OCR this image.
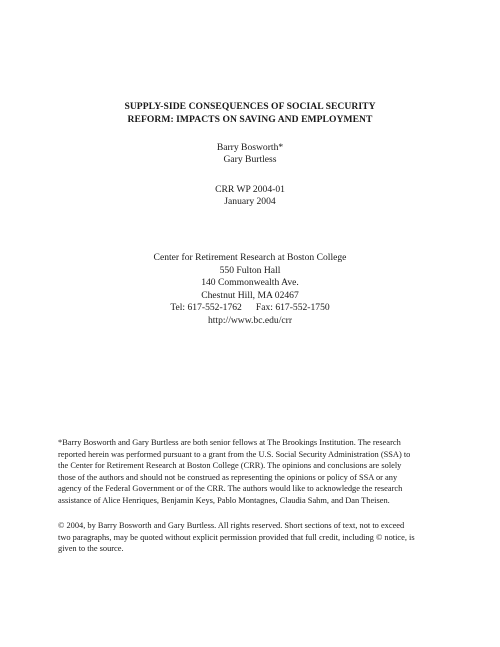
SUPPLY-SIDE CONSEQUENCES OF SOCIAL SECURITY
REFORM: IMPACTS ON SAVING AND EMPLOYMENT
Barry Bosworth*
Gary Burtless
CRR WP 2004-01
January 2004
Center for Retirement Research at Boston College
550 Fulton Hall
140 Commonwealth Ave.
Chestnut Hill, MA 02467
Tel: 617-552-1762 Fax: 617-552-1750
http://www.bc.edu/crr
*Barry Bosworth and Gary Burtless are both senior fellows at The Brookings Institution. The research
reported herein was performed pursuant to a grant from the U.S. Social Security Administration (SSA) to
the Center for Retirement Research at Boston College (CRR). The opinions and conclusions are solely
those of the authors and should not be construed as representing the opinions or policy of SSA or any
agency of the Federal Government or of the CRR. The authors would like to acknowledge the research
assistance of Alice Henriques, Benjamin Keys, Pablo Montagnes, Claudia Sahm, and Dan Theisen.
© 2004, by Barry Bosworth and Gary Burtless. All rights reserved. Short sections of text, not to exceed
two paragraphs, may be quoted without explicit permission provided that full credit, including © notice, is
given to the source.
